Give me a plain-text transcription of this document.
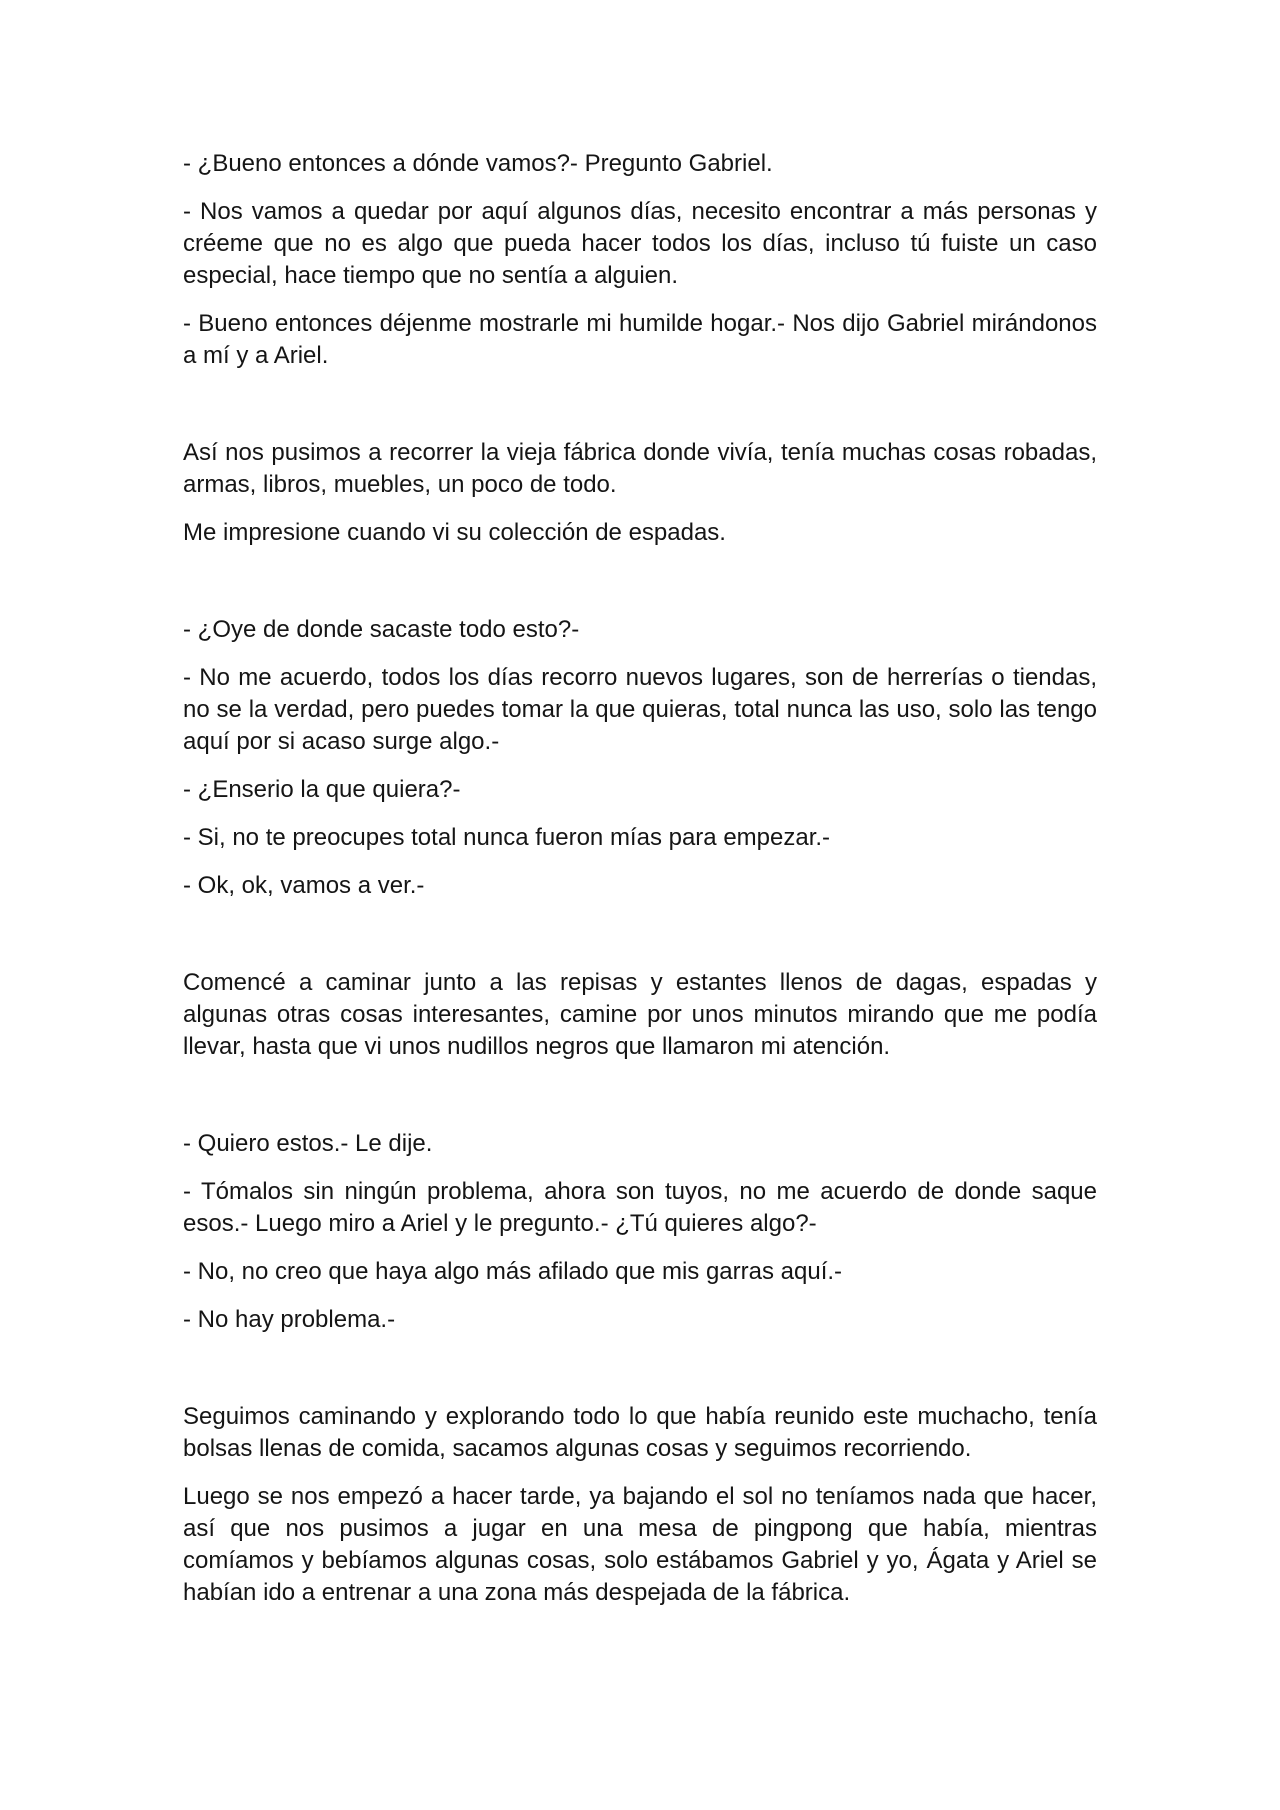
- ¿Bueno entonces a dónde vamos?- Pregunto Gabriel.

- Nos vamos a quedar por aquí algunos días, necesito encontrar a más personas y créeme que no es algo que pueda hacer todos los días, incluso tú fuiste un caso especial, hace tiempo que no sentía a alguien.

- Bueno entonces déjenme mostrarle mi humilde hogar.- Nos dijo Gabriel mirándonos a mí y a Ariel.

Así nos pusimos a recorrer la vieja fábrica donde vivía, tenía muchas cosas robadas, armas, libros, muebles, un poco de todo.

Me impresione cuando vi su colección de espadas.

- ¿Oye de donde sacaste todo esto?-

- No me acuerdo, todos los días recorro nuevos lugares, son de herrerías o tiendas, no se la verdad, pero puedes tomar la que quieras, total nunca las uso, solo las tengo aquí por si acaso surge algo.-

- ¿Enserio la que quiera?-

- Si, no te preocupes total nunca fueron mías para empezar.-

- Ok, ok, vamos a ver.-

Comencé a caminar junto a las repisas y estantes llenos de dagas, espadas y algunas otras cosas interesantes, camine por unos minutos mirando que me podía llevar, hasta que vi unos nudillos negros que llamaron mi atención.

- Quiero estos.- Le dije.

- Tómalos sin ningún problema, ahora son tuyos, no me acuerdo de donde saque esos.- Luego miro a Ariel y le pregunto.- ¿Tú quieres algo?-

- No, no creo que haya algo más afilado que mis garras aquí.-

- No hay problema.-

Seguimos caminando y explorando todo lo que había reunido este muchacho, tenía bolsas llenas de comida, sacamos algunas cosas y seguimos recorriendo.

Luego se nos empezó a hacer tarde, ya bajando el sol no teníamos nada que hacer, así que nos pusimos a jugar en una mesa de pingpong que había, mientras comíamos y bebíamos algunas cosas, solo estábamos Gabriel y yo, Ágata y Ariel se habían ido a entrenar a una zona más despejada de la fábrica.
